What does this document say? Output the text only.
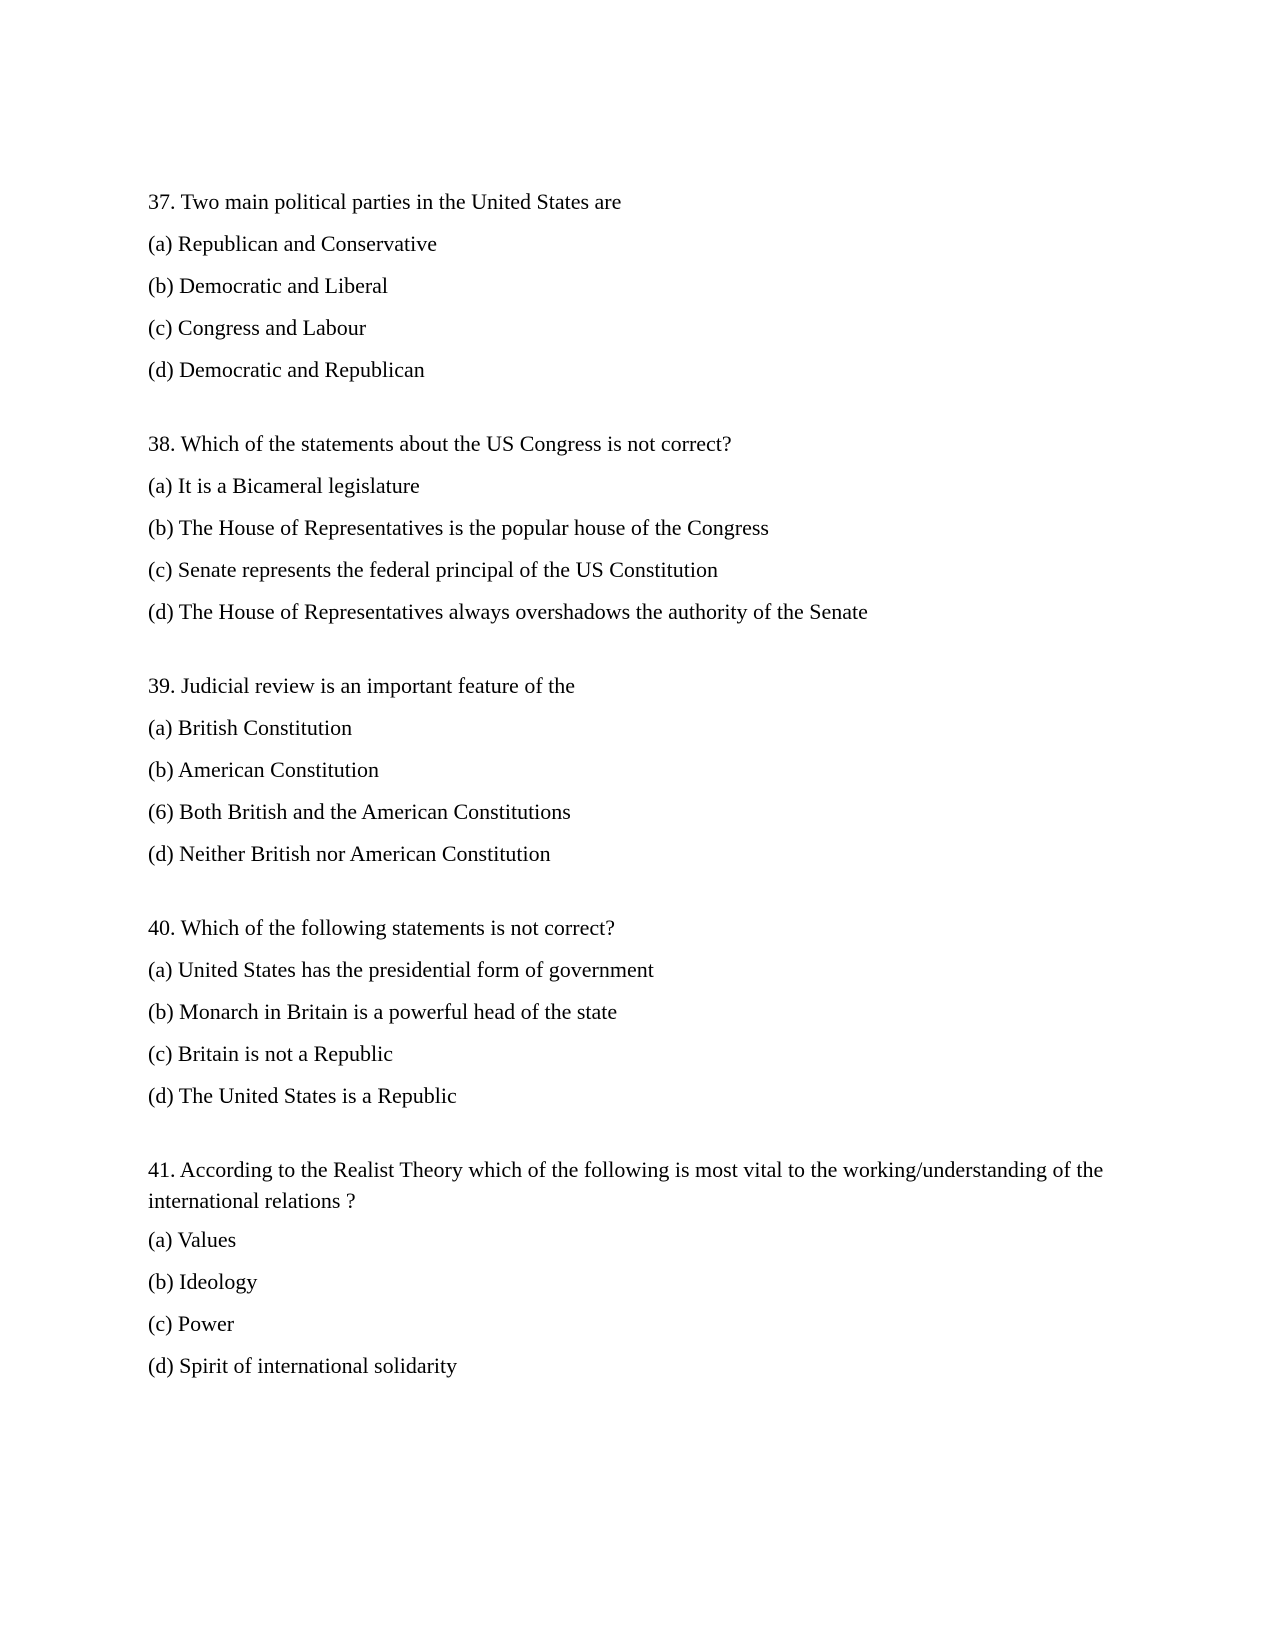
37. Two main political parties in the United States are
(a) Republican and Conservative
(b) Democratic and Liberal
(c) Congress and Labour
(d) Democratic and Republican
38. Which of the statements about the US Congress is not correct?
(a) It is a Bicameral legislature
(b) The House of Representatives is the popular house of the Congress
(c) Senate represents the federal principal of the US Constitution
(d) The House of Representatives always overshadows the authority of the Senate
39. Judicial review is an important feature of the
(a) British Constitution
(b) American Constitution
(6) Both British and the American Constitutions
(d) Neither British nor American Constitution
40. Which of the following statements is not correct?
(a) United States has the presidential form of government
(b) Monarch in Britain is a powerful head of the state
(c) Britain is not a Republic
(d) The United States is a Republic
41. According to the Realist Theory which of the following is most vital to the working/understanding of the international relations ?
(a) Values
(b) Ideology
(c) Power
(d) Spirit of international solidarity
